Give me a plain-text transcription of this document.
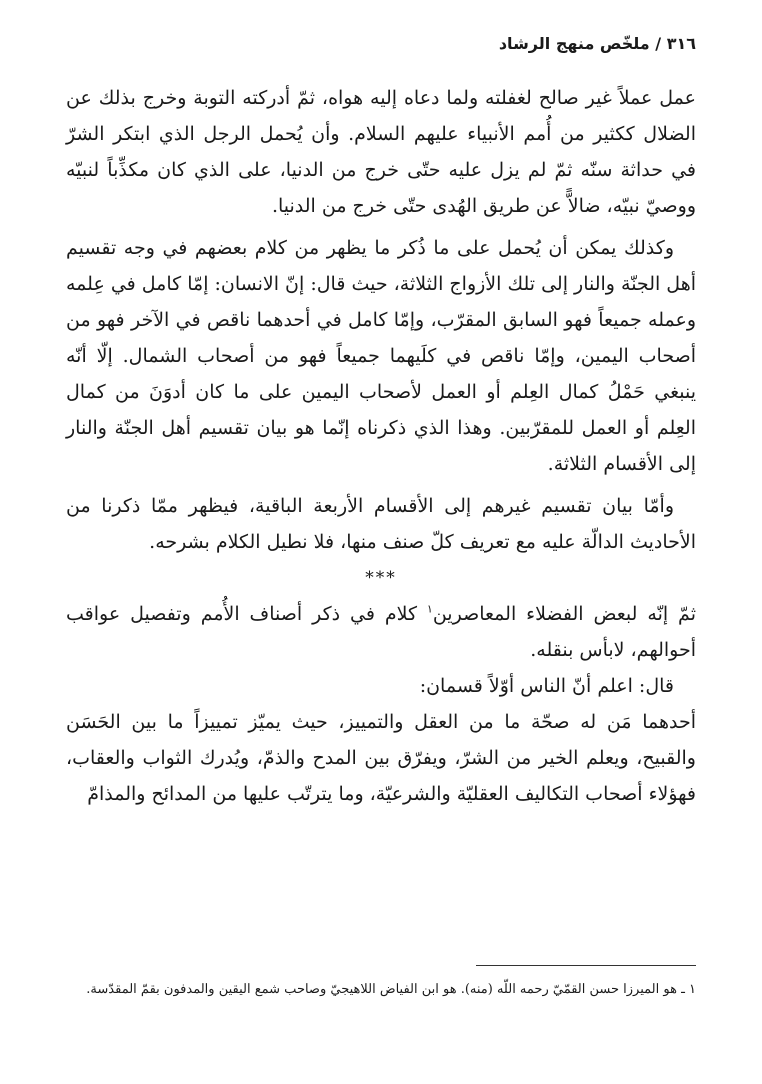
٣١٦ / ملخّص منهج الرشاد

عمل عملاً غير صالح لغفلته ولما دعاه إليه هواه، ثمّ أدركته التوبة وخرج بذلك عن الضلال ككثير من أُمم الأنبياء عليهم السلام. وأن يُحمل الرجل الذي ابتكر الشرّ في حداثة سنّه ثمّ لم يزل عليه حتّى خرج من الدنيا، على الذي كان مكذِّباً لنبيّه ووصيّ نبيّه، ضالاًّ عن طريق الهُدى حتّى خرج من الدنيا.

وكذلك يمكن أن يُحمل على ما ذُكر ما يظهر من كلام بعضهم في وجه تقسيم أهل الجنّة والنار إلى تلك الأزواج الثلاثة، حيث قال: إنّ الانسان: إمّا كامل في عِلمه وعمله جميعاً فهو السابق المقرّب، وإمّا كامل في أحدهما ناقص في الآخر فهو من أصحاب اليمين، وإمّا ناقص في كلَيهما جميعاً فهو من أصحاب الشمال. إلّا أنّه ينبغي حَمْلُ كمال العِلم أو العمل لأصحاب اليمين على ما كان أدوَنَ من كمال العِلم أو العمل للمقرّبين. وهذا الذي ذكرناه إنّما هو بيان تقسيم أهل الجنّة والنار إلى الأقسام الثلاثة.

وأمّا بيان تقسيم غيرهم إلى الأقسام الأربعة الباقية، فيظهر ممّا ذكرنا من الأحاديث الدالّة عليه مع تعريف كلّ صنف منها، فلا نطيل الكلام بشرحه.

***

ثمّ إنّه لبعض الفضلاء المعاصرين$^١$ كلام في ذكر أصناف الأُمم وتفصيل عواقب أحوالهم، لابأس بنقله.

قال: اعلم أنّ الناس أوّلاً قسمان:

أحدهما مَن له صحّة ما من العقل والتمييز، حيث يميّز تمييزاً ما بين الحَسَن والقبيح، ويعلم الخير من الشرّ، ويفرّق بين المدح والذمّ، ويُدرك الثواب والعقاب، فهؤلاء أصحاب التكاليف العقليّة والشرعيّة، وما يترتّب عليها من المدائح والمذامّ

١ ـ هو الميرزا حسن القمّيّ رحمه اللّه (منه). هو ابن الفياض اللاهيجيّ وصاحب شمع اليقين والمدفون بقمّ المقدّسة.
